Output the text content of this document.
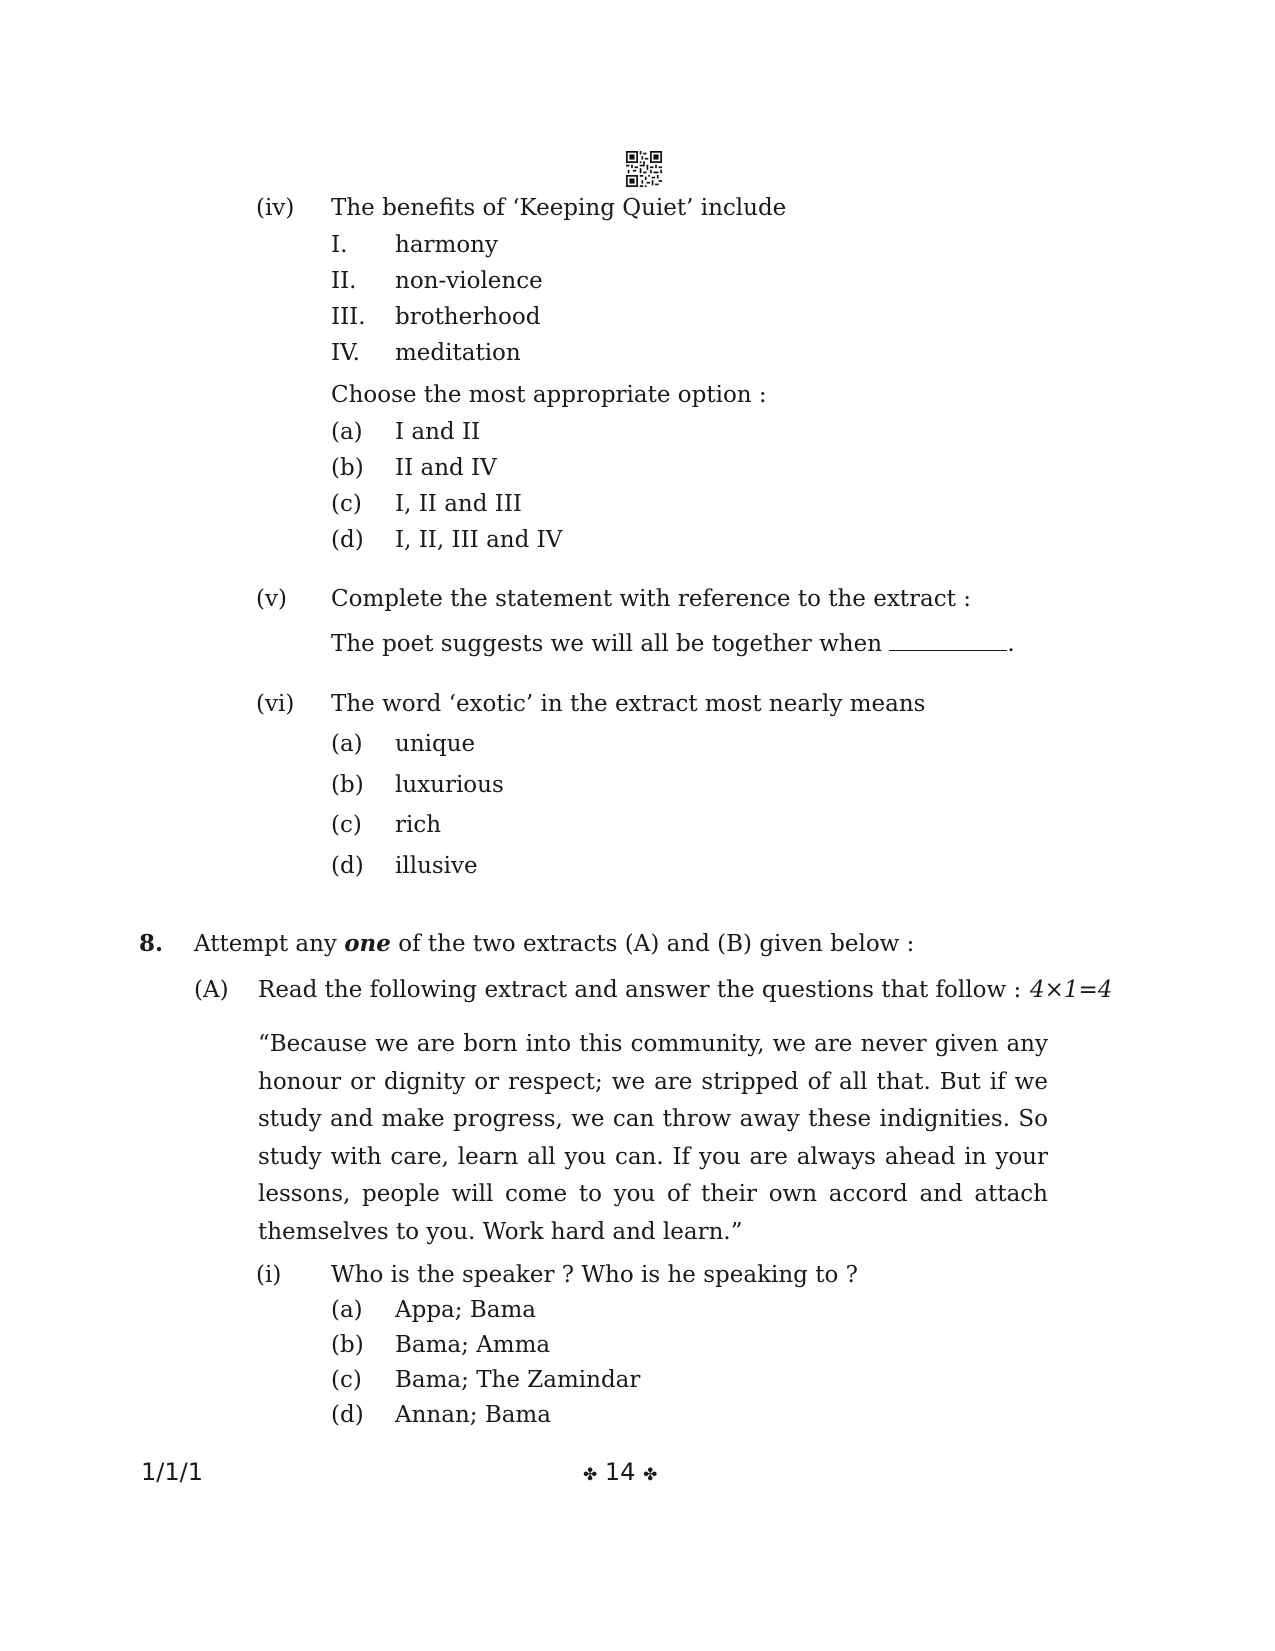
(iv) The benefits of ‘Keeping Quiet’ include
I. harmony
II. non-violence
III. brotherhood
IV. meditation
Choose the most appropriate option :
(a) I and II
(b) II and IV
(c) I, II and III
(d) I, II, III and IV
(v) Complete the statement with reference to the extract :
The poet suggests we will all be together when	.
(vi) The word ‘exotic’ in the extract most nearly means
(a) unique
(b) luxurious
(c) rich
(d) illusive
8. Attempt any one of the two extracts (A) and (B) given below :
(A) Read the following extract and answer the questions that follow : 4×1=4
“Because we are born into this community, we are never given any honour or dignity or respect; we are stripped of all that. But if we study and make progress, we can throw away these indignities. So study with care, learn all you can. If you are always ahead in your lessons, people will come to you of their own accord and attach themselves to you. Work hard and learn.”
(i) Who is the speaker ? Who is he speaking to ?
(a) Appa; Bama
(b) Bama; Amma
(c) Bama; The Zamindar
(d) Annan; Bama
1/1/1	✤ 14 ✤
